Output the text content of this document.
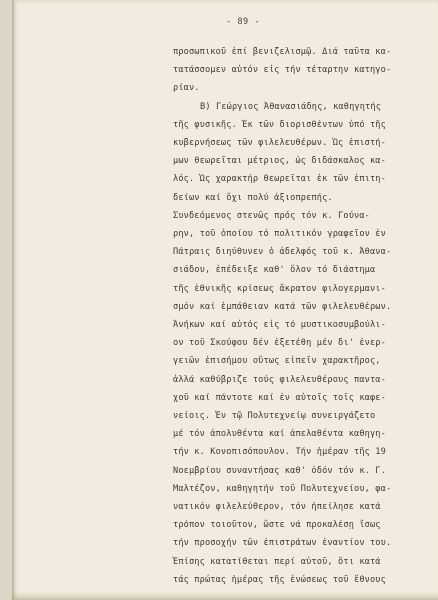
- 89 -
προσωπικοῦ ἐπί βενιζελισμῷ. Διά ταῦτα κα-
τατάσσομεν αὐτόν εἰς τήν τέταρτην κατηγο-
ρίαν.
Β) Γεώργιος Ἀθανασιάδης, καθηγητής
τῆς φυσικῆς. Ἐκ τῶν διορισθέντων ὑπό τῆς
κυβερνήσεως τῶν φιλελευθέρων. Ὡς ἐπιστή-
μων θεωρεῖται μέτριος, ὡς διδάσκαλος κα-
λός. Ὡς χαρακτήρ θεωρεῖται ἐκ τῶν ἐπιτη-
δείων καί ὄχι πολύ ἀξιοπρεπής.
Συνδεόμενος στενῶς πρός τόν κ. Γούνα-
ρην, τοῦ ὁποίου τό πολιτικόν γραφεῖον ἐν
Πάτραις διηύθυνεν ὁ ἀδελφός τοῦ κ. Ἀθανα-
σιάδου, ἐπέδειξε καθ' ὅλον τό διάστημα
τῆς ἐθνικῆς κρίσεως ἄκρατον φιλογερμανι-
σμόν καί ἐμπάθειαν κατά τῶν φιλελευθέρων.
Ἀνήκων καί αὐτός εἰς τό μυστικοσυμβούλι-
ον τοῦ Σκούφου δέν ἐξετέθη μέν δι' ἐνερ-
γειῶν ἐπισήμου οὕτως εἰπεῖν χαρακτῆρος,
ἀλλά καθύβριζε τούς φιλελευθέρους παντα-
χοῦ καί πάντοτε καί ἐν αὐτοῖς τοῖς καφε-
νείοις. Ἐν τῷ Πολυτεχνείῳ συνειργάζετο
μέ τόν ἀπολυθέντα καί ἀπελαθέντα καθηγη-
τήν κ. Κονοπισόπουλον. Τήν ἡμέραν τῆς 19
Νοεμβρίου συναντήσας καθ' ὁδόν τόν κ. Γ.
Μαλτέζον, καθηγητήν τοῦ Πολυτεχνείου, φα-
νατικόν φιλελεύθερον, τόν ἠπείλησε κατά
τρόπον τοιοῦτον, ὥστε νά προκαλέσῃ ἴσως
τήν προσοχήν τῶν ἐπιστράτων ἐναντίον του.
Ἐπίσης κατατίθεται περί αὐτοῦ, ὅτι κατά
τάς πρώτας ἡμέρας τῆς ἐνώσεως τοῦ ἔθνους
